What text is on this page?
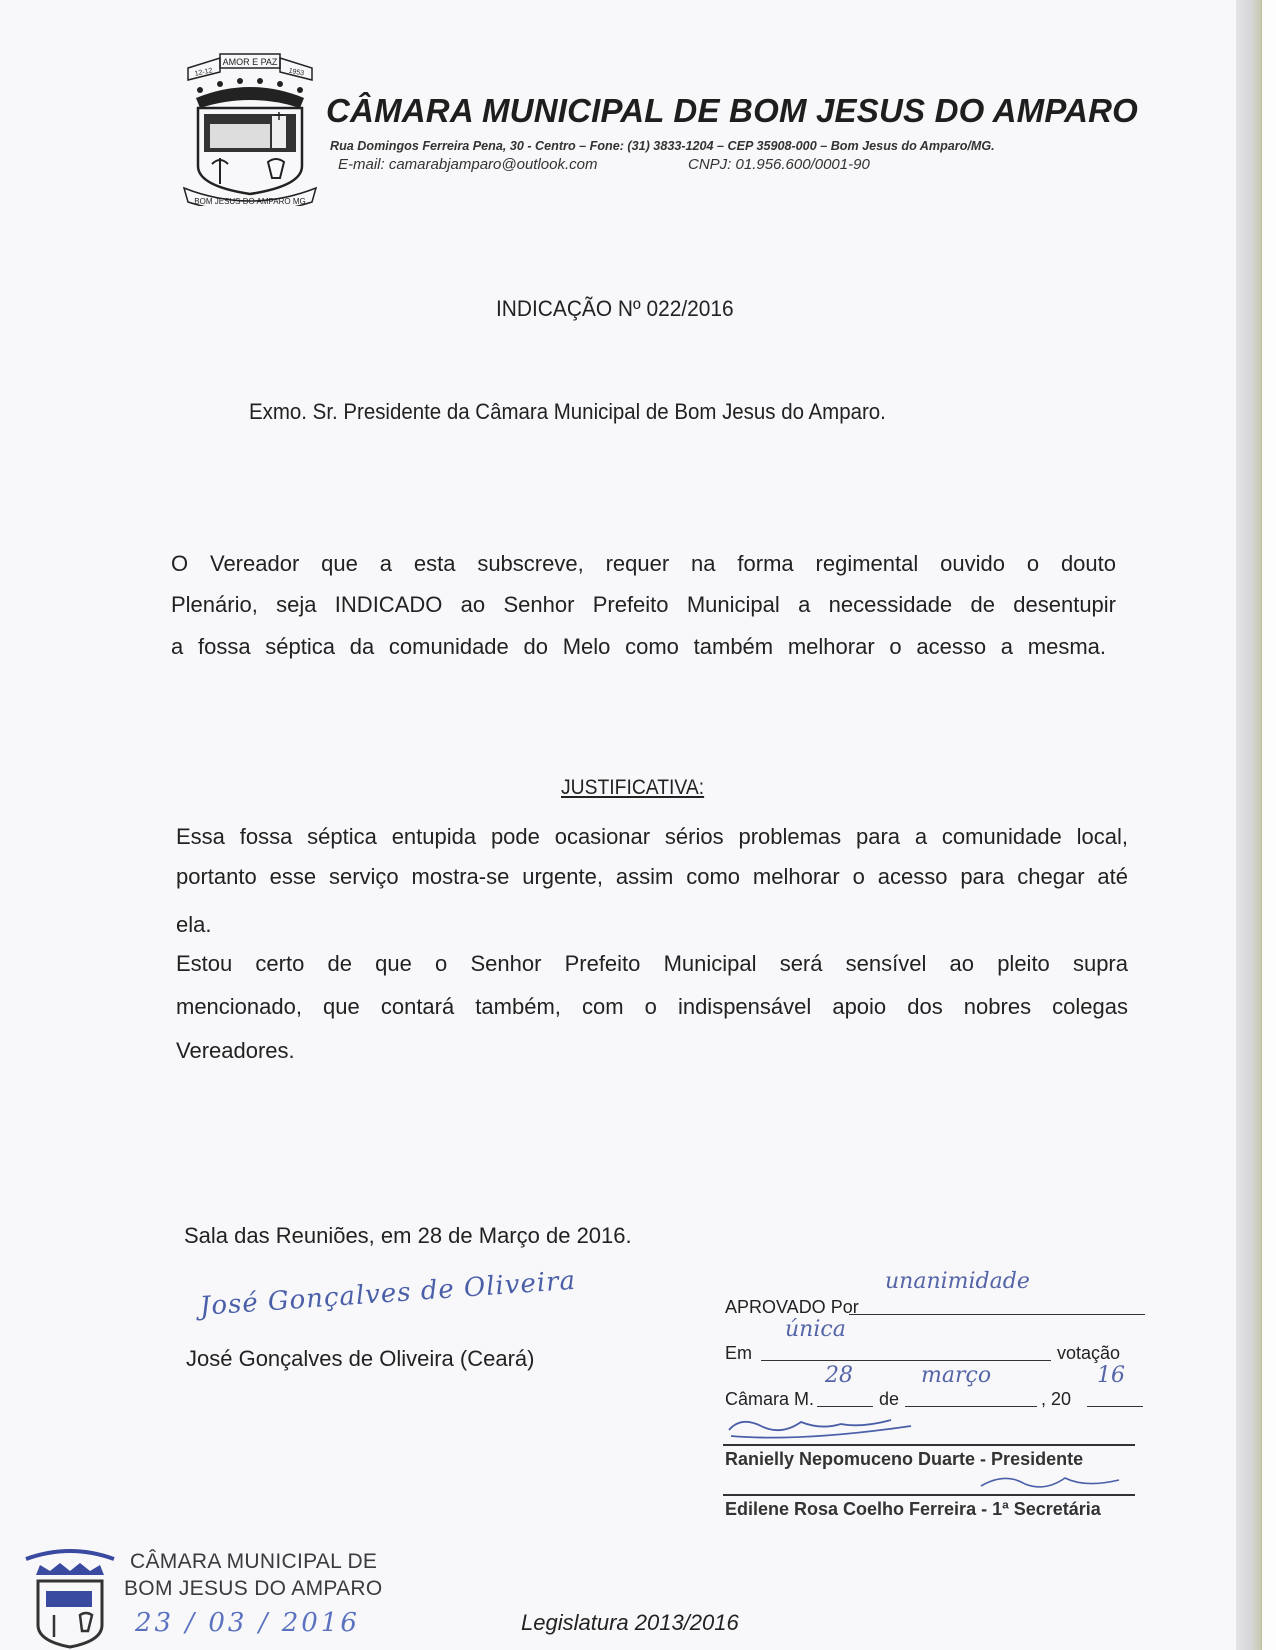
AMOR E PAZ
12-12	1953
BOM JESUS DO AMPARO MG
CÂMARA MUNICIPAL DE BOM JESUS DO AMPARO
Rua Domingos Ferreira Pena, 30 - Centro – Fone: (31) 3833-1204 – CEP 35908-000 – Bom Jesus do Amparo/MG.
E-mail: camarabjamparo@outlook.com	CNPJ: 01.956.600/0001-90
INDICAÇÃO Nº 022/2016
Exmo. Sr. Presidente da Câmara Municipal de Bom Jesus do Amparo.
O Vereador que a esta subscreve, requer na forma regimental ouvido o douto
Plenário, seja INDICADO ao Senhor Prefeito Municipal a necessidade de desentupir
a fossa séptica da comunidade do Melo como também melhorar o acesso a mesma.
JUSTIFICATIVA:
Essa fossa séptica entupida pode ocasionar sérios problemas para a comunidade local,
portanto esse serviço mostra-se urgente, assim como melhorar o acesso para chegar até
ela.
Estou certo de que o Senhor Prefeito Municipal será sensível ao pleito supra
mencionado, que contará também, com o indispensável apoio dos nobres colegas
Vereadores.
Sala das Reuniões, em 28 de Março de 2016.
José Gonçalves de Oliveira
José Gonçalves de Oliveira (Ceará)
unanimidade
APROVADO Por
única
Em	votação
28	março	16
Câmara M.	de	, 20
Ranielly Nepomuceno Duarte - Presidente
Edilene Rosa Coelho Ferreira - 1ª Secretária
CÂMARA MUNICIPAL DE
BOM JESUS DO AMPARO
23 / 03 / 2016	Legislatura 2013/2016
